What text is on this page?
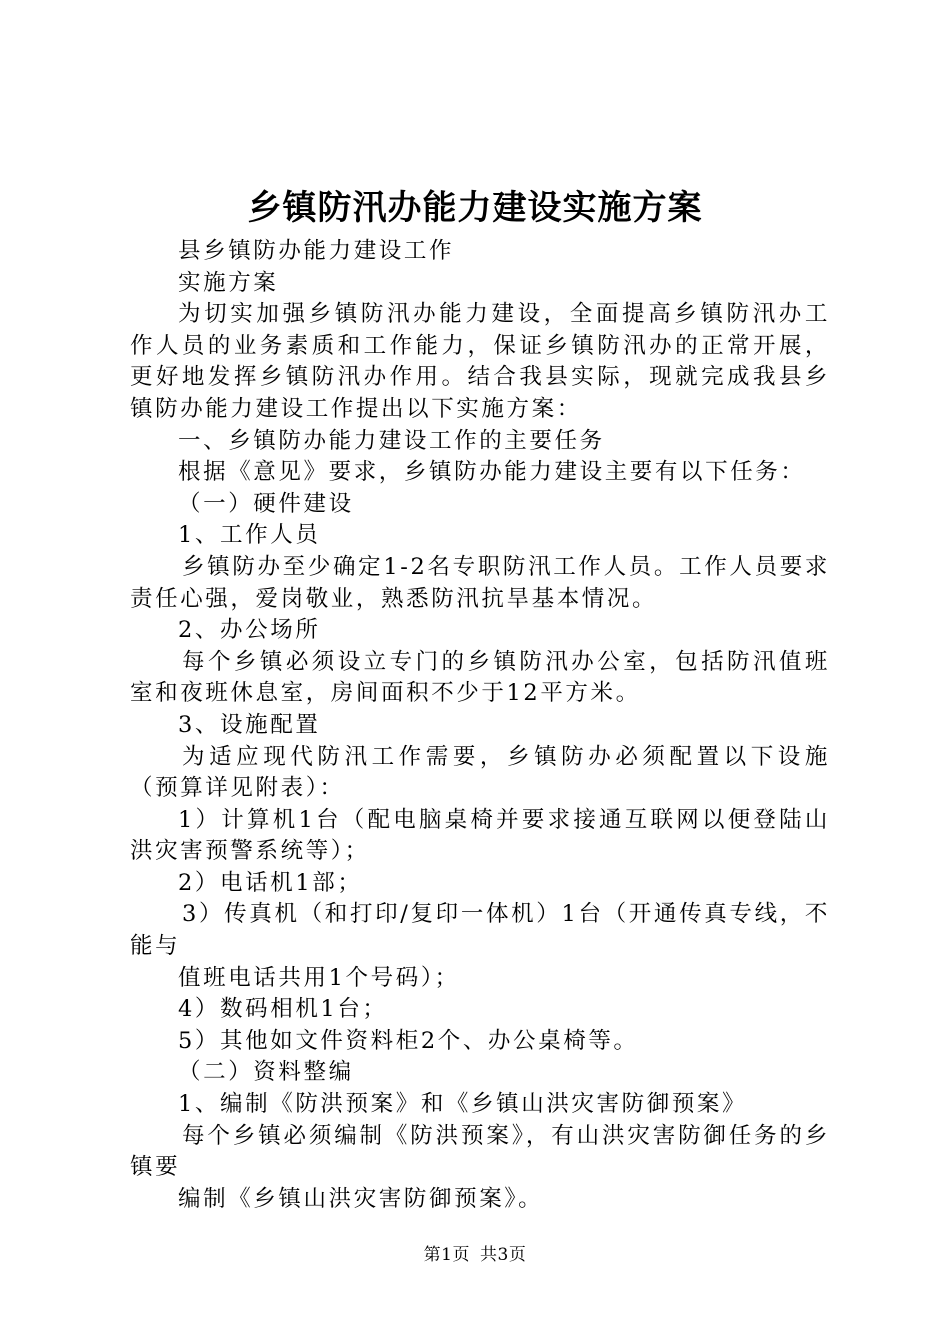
乡镇防汛办能力建设实施方案

县乡镇防办能力建设工作

实施方案

为切实加强乡镇防汛办能力建设，全面提高乡镇防汛办工作人员的业务素质和工作能力，保证乡镇防汛办的正常开展，更好地发挥乡镇防汛办作用。结合我县实际，现就完成我县乡镇防办能力建设工作提出以下实施方案：

一、乡镇防办能力建设工作的主要任务

根据《意见》要求，乡镇防办能力建设主要有以下任务：

（一）硬件建设

1、工作人员

乡镇防办至少确定1-2名专职防汛工作人员。工作人员要求责任心强，爱岗敬业，熟悉防汛抗旱基本情况。

2、办公场所

每个乡镇必须设立专门的乡镇防汛办公室，包括防汛值班室和夜班休息室，房间面积不少于12平方米。

3、设施配置

为适应现代防汛工作需要，乡镇防办必须配置以下设施（预算详见附表）：

1）计算机1台（配电脑桌椅并要求接通互联网以便登陆山洪灾害预警系统等）；

2）电话机1部；

3）传真机（和打印/复印一体机）1台（开通传真专线，不能与

值班电话共用1个号码）；

4）数码相机1台；

5）其他如文件资料柜2个、办公桌椅等。

（二）资料整编

1、编制《防洪预案》和《乡镇山洪灾害防御预案》

每个乡镇必须编制《防洪预案》，有山洪灾害防御任务的乡镇要

编制《乡镇山洪灾害防御预案》。

第1页 共3页
